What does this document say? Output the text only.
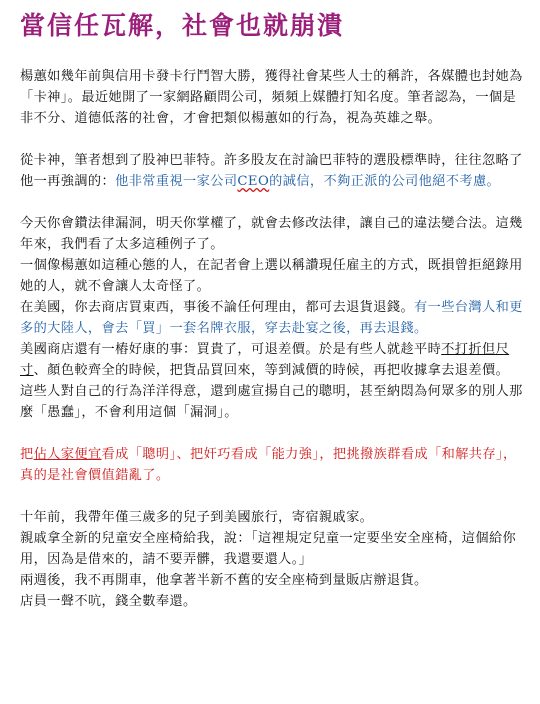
當信任瓦解，社會也就崩潰

楊蕙如幾年前與信用卡發卡行鬥智大勝，獲得社會某些人士的稱許，各媒體也封她為「卡神」。最近她開了一家網路顧問公司，頻頻上媒體打知名度。筆者認為，一個是非不分、道德低落的社會，才會把類似楊蕙如的行為，視為英雄之舉。

從卡神，筆者想到了股神巴菲特。許多股友在討論巴菲特的選股標準時，往往忽略了他一再強調的：他非常重視一家公司CEO的誠信，不夠正派的公司他絕不考慮。

今天你會鑽法律漏洞，明天你掌權了，就會去修改法律，讓自己的違法變合法。這幾年來，我們看了太多這種例子了。

一個像楊蕙如這種心態的人，在記者會上選以稱讚現任雇主的方式，既損曾拒絕錄用她的人，就不會讓人太奇怪了。

在美國，你去商店買東西，事後不論任何理由，都可去退貨退錢。有一些台灣人和更多的大陸人，會去「買」一套名牌衣服，穿去赴宴之後，再去退錢。

美國商店還有一樁好康的事：買貴了，可退差價。於是有些人就趁平時不打折但尺寸、顏色較齊全的時候，把貨品買回來，等到減價的時候，再把收據拿去退差價。

這些人對自己的行為洋洋得意，還到處宣揚自己的聰明，甚至納悶為何眾多的別人那麼「愚蠢」，不會利用這個「漏洞」。

把佔人家便宜看成「聰明」、把奸巧看成「能力強」，把挑撥族群看成「和解共存」，真的是社會價值錯亂了。

十年前，我帶年僅三歲多的兒子到美國旅行，寄宿親戚家。

親戚拿全新的兒童安全座椅給我，說：「這裡規定兒童一定要坐安全座椅，這個給你用，因為是借來的，請不要弄髒，我還要還人。」

兩週後，我不再開車，他拿著半新不舊的安全座椅到量販店辦退貨。

店員一聲不吭，錢全數奉還。
